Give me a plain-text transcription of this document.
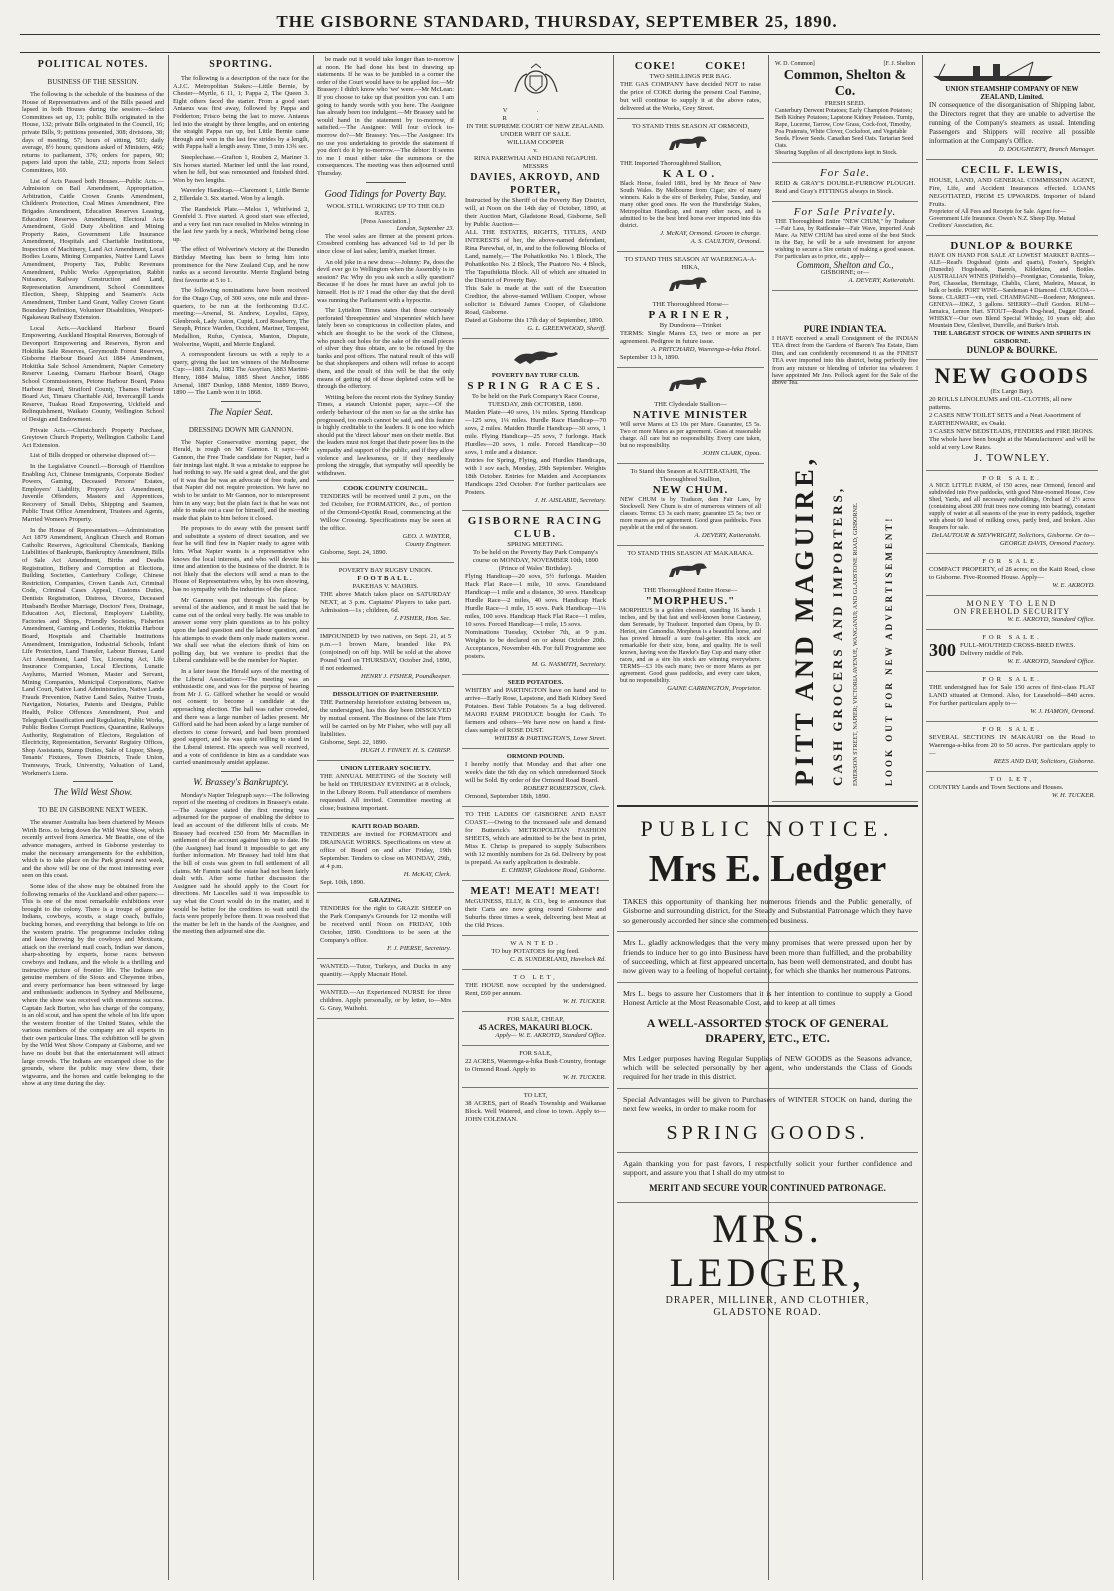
THE GISBORNE STANDARD, THURSDAY, SEPTEMBER 25, 1890.
POLITICAL NOTES.
BUSINESS OF THE SESSION.

The following is the schedule of the business of the House of Representatives and of the Bills passed and lapsed in both Houses during the session:—Select Committees set up, 13; public Bills originated in the House, 132; private Bills originated in the Council, 16; private Bills, 9; petitions presented, 308; divisions, 38; days of meeting, 57; hours of sitting, 503; daily average, 8½ hours; questions asked of Ministers, 466; returns to parliament, 376; orders for papers, 90; papers laid upon the table, 232; reports from Select Committees, 169.

List of Acts Passed both Houses.—Public Acts.—Admission on Bail Amendment, Appropriation, Arbitration, Cattle Crown Grants Amendment, Children's Protection, Coal Mines Amendment, Fire Brigades Amendment, Education Reserves Leasing, Education Reserves Amendment, Electoral Acts Amendment, Gold Duty Abolition and Mining Property Rates, Government Life Insurance Amendment, Hospitals and Charitable Institutions, Inspection of Machinery, Land Act Amendment, Local Bodies Loans, Mining Companies, Native Land Laws Amendment, Property Tax, Public Revenues Amendment, Public Works Appropriation, Rabbit Nuisance, Railway Construction and Land, Representation Amendment, School Committees Election, Sheep, Shipping and Seamen's Acts Amendment, Timber Land Grant, Valley Crown Grant Boundary Definition, Volunteer Disabilities, Westport-Ngakawau Railway Extension.

Local Acts.—Auckland Harbour Board Empowering, Auckland Hospital Reserves, Borough of Devonport Empowering and Reserves, Byron and Hokitika Sale Reserves, Greymouth Forest Reserves, Gisborne Harbour Board Act 1884 Amendment, Hokitika Sale School Amendment, Napier Cemetery Reserve Leasing, Oamaru Harbour Board, Otago School Commissioners, Petone Harbour Board, Patea Harbour Board, Stratford County, Thames Harbour Board Act, Timaru Charitable Aid, Invercargill Lands Reserve, Tuakau Road Empowering, Uckfield and Relinquishment, Waikato County, Wellington School of Design and Endowment.

Private Acts.—Christchurch Property Purchase, Greytown Church Property, Wellington Catholic Land Act Extension.

List of Bills dropped or otherwise disposed of:—

In the Legislative Council.—Borough of Hamilton Enabling Act, Chinese Immigrants, Corporate Bodies' Powers, Gaming, Deceased Persons' Estates, Employers' Liability, Property Act Amendment, Juvenile Offenders, Masters and Apprentices, Recovery of Small Debts, Shipping and Seamen, Public Trust Office Amendment, Trustees and Agents, Married Women's Property.

In the House of Representatives.—Administration Act 1879 Amendment, Anglican Church and Roman Catholic Reserves, Agricultural Chemicals, Banking Liabilities of Bankrupts, Bankruptcy Amendment, Bills of Sale Act Amendment, Births and Deaths Registration, Bribery and Corruption at Elections, Building Societies, Canterbury College, Chinese Restriction, Companies, Crown Lands Act, Criminal Code, Criminal Cases Appeal, Customs Duties, Dentists Registration, Distress, Divorce, Deceased Husband's Brother Marriage, Doctors' Fees, Drainage, Education Act, Electoral, Employers' Liability, Factories and Shops, Friendly Societies, Fisheries Amendment, Gaming and Lotteries, Hokitika Harbour Board, Hospitals and Charitable Institutions Amendment, Immigration, Industrial Schools, Infant Life Protection, Land Transfer, Labour Bureau, Land Act Amendment, Land Tax, Licensing Act, Life Insurance Companies, Local Elections, Lunatic Asylums, Married Women, Master and Servant, Mining Companies, Municipal Corporations, Native Land Court, Native Land Administration, Native Lands Frauds Prevention, Native Land Sales, Native Trusts, Navigation, Notaries, Patents and Designs, Public Health, Police Offences Amendment, Post and Telegraph Classification and Regulation, Public Works, Public Bodies Corrupt Practices, Quarantine, Railways Authority, Registration of Electors, Regulation of Electricity, Representation, Servants' Registry Offices, Shop Assistants, Stamp Duties, Sale of Liquor, Sheep, Tenants' Fixtures, Town Districts, Trade Union, Tramways, Truck, University, Valuation of Land, Workmen's Liens.

The Wild West Show.
TO BE IN GISBORNE NEXT WEEK.

The steamer Australia has been chartered by Messrs Wirth Bros. to bring down the Wild West Show, which recently arrived from America. Mr Beattie, one of the advance managers, arrived in Gisborne yesterday to make the necessary arrangements for the exhibition, which is to take place on the Park ground next week, and the show will be one of the most interesting ever seen on this coast.

Some idea of the show may be obtained from the following remarks of the Auckland and other papers:—This is one of the most remarkable exhibitions ever brought to the colony. There is a troupe of genuine Indians, cowboys, scouts, a stage coach, buffalo, bucking horses, and everything that belongs to life on the western prairie. The programme includes riding and lasso throwing by the cowboys and Mexicans, attack on the overland mail coach, Indian war dances, sharp-shooting by experts, horse races between cowboys and Indians, and the whole is a thrilling and instructive picture of frontier life. The Indians are genuine members of the Sioux and Cheyenne tribes, and every performance has been witnessed by large and enthusiastic audiences in Sydney and Melbourne, where the show was received with enormous success. Captain Jack Burton, who has charge of the company, is an old scout, and has spent the whole of his life upon the western frontier of the United States, while the various members of the company are all experts in their own particular lines. The exhibition will be given by the Wild West Show Company at Gisborne, and we have no doubt but that the entertainment will attract large crowds. The Indians are encamped close to the grounds, where the public may view them, their wigwams, and the horses and cattle belonging to the show at any time during the day.

SPORTING.

The following is a description of the race for the A.J.C. Metropolitan Stakes:—Little Bernie, by Chester—Myrtle, 6 11, 1; Pappa 2, The Queen 3. Eight others faced the starter. From a good start Antaeus was first away, followed by Pappa and Fodderton; Frisco being the last to move. Antaeus led into the straight by three lengths, and on entering the straight Pappa ran up, but Little Bernie came through and won in the last few strides by a length, with Pappa half a length away. Time, 3 min 13¾ sec.

Steeplechase.—Grafton 1, Rouben 2, Mariner 3. Six horses started. Mariner led until the last round, when he fell, but was remounted and finished third. Won by two lengths.

Waverley Handicap.—Claremont 1, Little Bernie 2, Ellerdale 3. Six started. Won by a length.

The Randwick Plate.—Melos 1, Whirlwind 2, Grenfeld 3. Five started. A good start was effected, and a very fast run race resulted in Melos winning in the last few yards by a neck, Whirlwind being close up.

The effect of Wolverine's victory at the Dunedin Birthday Meeting has been to bring him into prominence for the New Zealand Cup, and he now ranks as a second favourite. Merrie England being first favourite at 5 to 1.

The following nominations have been received for the Otago Cup, of 300 sovs, one mile and three-quarters, to be run at the forthcoming D.J.C. meeting:—Arsenal, St. Andrew, Loyalist, Gipsy, Glenbrook, Lady Aston, Cupid, Lord Roseberry, The Seraph, Prince Warden, Occident, Mariner, Tempest, Medallion, Rufus, Cynisca, Manton, Dispute, Wolverine, Wapiti, and Merrie England.

A correspondent favours us with a reply to a query, giving the last ten winners of the Melbourne Cup:—1881 Zulu, 1882 The Assyrian, 1883 Martini-Henry, 1884 Malua, 1885 Sheet Anchor, 1886 Arsenal, 1887 Dunlop, 1888 Mentor, 1889 Bravo, 1890 — The Lamb won it in 1868.

The Napier Seat.
DRESSING DOWN MR GANNON.

The Napier Conservative morning paper, the Herald, is rough on Mr Gannon. It says:—Mr Gannon, the Free Trade candidate for Napier, had a fair innings last night. It was a mistake to suppose he had nothing to say. He said a great deal, and the gist of it was that he was an advocate of free trade, and that Napier did not require protection. We have no wish to be unfair to Mr Gannon, nor to misrepresent him in any way; but the plain fact is that he was not able to make out a case for himself, and the meeting made that plain to him before it closed.

He proposes to do away with the present tariff and substitute a system of direct taxation, and we fear he will find few in Napier ready to agree with him. What Napier wants is a representative who knows the local interests, and who will devote his time and attention to the business of the district. It is not likely that the electors will send a man to the House of Representatives who, by his own showing, has no sympathy with the industries of the place.

Mr Gannon was put through his facings by several of the audience, and it must be said that he came out of the ordeal very badly. He was unable to answer some very plain questions as to his policy upon the land question and the labour question, and his attempts to evade them only made matters worse. We shall see what the electors think of him on polling day, but we venture to predict that the Liberal candidate will be the member for Napier.

In a later issue the Herald says of the meeting of the Liberal Association:—The meeting was an enthusiastic one, and was for the purpose of hearing from Mr J. G. Gifford whether he would or would not consent to become a candidate at the approaching election. The hall was rather crowded, and there was a large number of ladies present. Mr Gifford said he had been asked by a large number of electors to come forward, and had been promised good support, and he was quite willing to stand in the Liberal interest. His speech was well received, and a vote of confidence in him as a candidate was carried unanimously amidst applause.

W. Brassey's Bankruptcy.

Monday's Napier Telegraph says:—The following report of the meeting of creditors in Brassey's estate.—The Assignee stated the first meeting was adjourned for the purpose of enabling the debtor to lead an account of the different bills of costs. Mr Brassey had received £50 from Mr Macmillan in settlement of the account against him up to date. He (the Assignee) had found it impossible to get any further information. Mr Brassey had told him that the bill of costs was given in full settlement of all claims. Mr Fannin said the estate had not been fairly dealt with. After some further discussion the Assignee said he should apply to the Court for directions. Mr Lascelles said it was impossible to say what the Court would do in the matter, and it would be better for the creditors to wait until the facts were properly before them. It was resolved that the matter be left in the hands of the Assignee, and the meeting then adjourned sine die.

be made out it would take longer than to-morrow at noon. He had done his best in drawing up statements. If he was to be jumbled in a corner the order of the Court would have to be applied for.—Mr Brassey: I didn't know who 'we' were.—Mr McLean: If you choose to take up that position you can. I am going to handy words with you here. The Assignee has already been too indulgent.—Mr Brassey said he would hand in the statement by to-morrow, if satisfied.—The Assignee: Will four o'clock to-morrow do?—Mr Brassey: Yes.—The Assignee: It's no use you undertaking to provide the statement if you don't do it by to-morrow.—The debtor: It seems to me I must either take the summons or the consequences. The meeting was then adjourned until Thursday.

Good Tidings for Poverty Bay.
WOOL STILL WORKING UP TO THE OLD RATES.
[Press Association.]
London, September 23.

The wool sales are firmer at the present prices. Crossbred combing has advanced ¼d to 1d per lb since close of last sales; lamb's, market firmer.

An old joke in a new dress:—Johnny: Pa, does the devil ever go to Wellington when the Assembly is in session? Pa: Why do you ask such a silly question? Because if he does he must have an awful job to himself. Hot is it? I read the other day that the devil was running the Parliament with a hypocrite.

The Lyttelton Times states that those curiously perforated 'threepennies' and 'sixpennies' which have lately been so conspicuous in collection plates, and which are thought to be the work of the Chinese, who punch out holes for the sake of the small pieces of silver they thus obtain, are to be refused by the banks and post offices. The natural result of this will be that shopkeepers and others will refuse to accept them, and the result of this will be that the only means of getting rid of those depleted coins will be through the offertory.

Writing before the recent riots the Sydney Sunday Times, a staunch Unionist paper, says:—Of the orderly behaviour of the men so far as the strike has progressed, too much cannot be said, and this feature is highly creditable to the leaders. It is one too which should put the 'direct labour' men on their mettle. But the leaders must not forget that their power lies in the sympathy and support of the public, and if they allow violence and lawlessness, or if they needlessly prolong the struggle, that sympathy will speedily be withdrawn.

COOK COUNTY COUNCIL.
TENDERS will be received until 2 p.m., on the 3rd October, for FORMATION, &c., of portion of the Ormond-Opotiki Road, commencing at the Willow Crossing. Specifications may be seen at the office.
GEO. J. WINTER,
County Engineer.
Gisborne, Sept. 24, 1890.
POVERTY BAY RUGBY UNION.
FOOTBALL.
PAKEHAS V. MAORIS.
THE above Match takes place on SATURDAY NEXT, at 3 p.m. Captains' Players to take part. Admission—1s ; children, 6d.
J. FISHER, Hon. Sec.
IMPOUNDED by two natives, on Sept. 21, at 5 p.m.—1 brown Mare, branded like PA (conjoined) on off hip. Will be sold at the above Pound Yard on THURSDAY, October 2nd, 1890, if not redeemed.
HENRY J. FISHER, Poundkeeper.
DISSOLUTION OF PARTNERSHIP.
THE Partnership heretofore existing between us, the undersigned, has this day been DISSOLVED by mutual consent. The Business of the late Firm will be carried on by Mr Fisher, who will pay all liabilities.
Gisborne, Sept. 22, 1890.
HUGH J. FINNEY. H. S. CHRISP.
UNION LITERARY SOCIETY.
THE ANNUAL MEETING of the Society will be held on THURSDAY EVENING at 8 o'clock, in the Library Room. Full attendance of members requested. All invited. Committee meeting at close; business important.
KAITI ROAD BOARD.
TENDERS are invited for FORMATION and DRAINAGE WORKS. Specifications on view at office of Board on and after Friday, 19th September. Tenders to close on MONDAY, 29th, at 4 p.m.
H. McKAY, Clerk.
Sept. 10th, 1890.
GRAZING.
TENDERS for the right to GRAZE SHEEP on the Park Company's Grounds for 12 months will be received until Noon on FRIDAY, 10th October, 1890. Conditions to be seen at the Company's office.
F. J. PIERSE, Secretary.
WANTED.—Tutor, Turkeys, and Ducks in any quantity.—Apply Macnair Hotel.
WANTED.—An Experienced NURSE for three children. Apply personally, or by letter, to—Mrs G. Gray, Waihohi.
V. R.
IN THE SUPREME COURT OF NEW ZEALAND.
UNDER WRIT OF SALE.
WILLIAM COOPER
v.
RINA PAREWHAI AND HOANI NGAPUHI.
MESSRS
DAVIES, AKROYD, AND PORTER,
Instructed by the Sheriff of the Poverty Bay District, will, at Noon on the 14th day of October, 1890, at their Auction Mart, Gladstone Road, Gisborne, Sell by Public Auction—
ALL THE ESTATES, RIGHTS, TITLES, AND INTERESTS of her, the above-named defendant, Rina Parewhai, of, in, and to the following Blocks of Land, namely,— The Pohatikotiko No. 1 Block, The Pohatikotiko No. 2 Block, The Puatoro No. 4 Block, The Tapuihikitia Block. All of which are situated in the District of Poverty Bay.
This Sale is made at the suit of the Execution Creditor, the above-named William Cooper, whose solicitor is Edward James Cooper, of Gladstone Road, Gisborne.
Dated at Gisborne this 17th day of September, 1890.
G. L. GREENWOOD, Sheriff.
POVERTY BAY TURF CLUB.
SPRING RACES.
To be held on the Park Company's Race Course, TUESDAY, 28th OCTOBER, 1890.
Maiden Plate—40 sovs, 1¼ miles. Spring Handicap—125 sovs, 1¼ miles. Hurdle Race Handicap—70 sovs, 2 miles. Maiden Hurdle Handicap—30 sovs, 1 mile. Flying Handicap—25 sovs, 7 furlongs. Hack Hurdles—20 sovs, 1 mile. Forced Handicap—30 sovs, 1 mile and a distance.
Entries for Spring, Flying, and Hurdles Handicaps, with 1 sov each, Monday, 29th September. Weights 18th October. Entries for Maiden and Acceptances Handicaps 23rd October. For further particulars see Posters.
J. H. AISLABIE, Secretary.
GISBORNE RACING CLUB.
SPRING MEETING.
To be held on the Poverty Bay Park Company's course on MONDAY, NOVEMBER 10th, 1890 (Prince of Wales' Birthday).
Flying Handicap—20 sovs, 5½ furlongs. Maiden Hack Flat Race—1 mile, 10 sovs. Grandstand Handicap—1 mile and a distance, 30 sovs. Handicap Hurdle Race—2 miles, 40 sovs. Handicap Hack Hurdle Race—1 mile, 15 sovs. Park Handicap—1¼ miles, 100 sovs. Handicap Hack Flat Race—1 miles, 10 sovs. Forced Handicap—1 mile, 15 sovs.
Nominations Tuesday, October 7th, at 9 p.m. Weights to be declared on or about October 20th. Acceptances, November 4th. For full Programme see posters.
M. G. NASMITH, Secretary.
SEED POTATOES.
WHITBY and PARTINGTON have on hand and to arrive—Early Rose, Lapstone, and Bath Kidney Seed Potatoes. Best Table Potatoes 5s a bag delivered. MAORI FARM PRODUCE bought for Cash. To farmers and others—We have now on hand a first-class sample of ROSE DUST.
WHITBY & PARTINGTON'S, Lowe Street.
ORMOND POUND.
I hereby notify that Monday and that after one week's date the 6th day on which unredeemed Stock will be Sold. By order of the Ormond Road Board.
ROBERT ROBERTSON, Clerk.
Ormond, September 18th, 1890.
TO THE LADIES OF GISBORNE AND EAST COAST.—Owing to the increased sale and demand for Butterick's METROPOLITAN FASHION SHEETS, which are admitted to be the best in print, Miss E. Chrisp is prepared to supply Subscribers with 12 monthly numbers for 2s 6d. Delivery by post is prepaid. As early application is desirable.
E. CHRISP, Gladstone Road, Gisborne.
MEAT! MEAT! MEAT!
McGUINESS, ELLY, & CO., beg to announce that their Carts are now going round Gisborne and Suburbs three times a week, delivering best Meat at the Old Prices.
WANTED.
TO buy POTATOES for pig feed.
C. B. SUNDERLAND, Havelock Rd.
TO LET,
THE HOUSE now occupied by the undersigned. Rent, £60 per annum.
W. H. TUCKER.
FOR SALE, CHEAP,
45 ACRES, MAKAURI BLOCK.
Apply— W. E. AKROYD, Standard Office.
FOR SALE,
22 ACRES, Waerenga-a-hika Bush Country, frontage to Ormond Road. Apply to
W. H. TUCKER.
TO LET,
38 ACRES, part of Read's Township and Waikanae Block. Well Watered, and close to town. Apply to— JOHN COLEMAN.
COKE!	COKE!
TWO SHILLINGS PER BAG.
THE GAS COMPANY have decided NOT to raise the price of COKE during the present Coal Famine, but will continue to supply it at the above rates, delivered at the Works, Grey Street.
TO STAND THIS SEASON AT ORMOND,
THE Imported Thoroughbred Stallion,
KALO.
Black Horse, foaled 1881, bred by Mr Bruce of New South Wales. By Melbourne from Cigar; sire of many winners. Kalo is the sire of Berkeley, Pulse, Sunday, and many other good ones. He won the Hurstbridge Stakes, Metropolitan Handicap, and many other races, and is admitted to be the best bred horse ever imported into this district.
J. McKAY, Ormond. Groom in charge.
A. S. CAULTON, Ormond.
TO STAND THIS SEASON AT WAERENGA-A-HIKA,
THE Thoroughbred Horse—
PARINER,
By Dundoora—Trinket
TERMS: Single Mares £3, two or more as per agreement. Pedigree in future issue.
A. PRITCHARD, Waerenga-a-hika Hotel.
September 13 h, 1890.
THE Clydesdale Stallion—
NATIVE MINISTER
Will serve Mares at £3 10s per Mare. Guarantee, £5 5s. Two or more Mares as per agreement. Grass at reasonable charge. All care but no responsibility. Every care taken, but no responsibility.
JOHN CLARK, Opou.
To Stand this Season at KAITERATAHI, The Thoroughbred Stallion,
NEW CHUM.
NEW CHUM is by Traducer, dam Fair Lass, by Stockwell. New Chum is sire of numerous winners of all classes. Terms: £3 3s each mare; guarantee £5 5s; two or more mares as per agreement. Good grass paddocks. Fees payable at the end of the season.
A. DEVERY, Kaiteratahi.
TO STAND THIS SEASON AT MAKARAKA.
THE Thoroughbred Entire Horse—
"MORPHEUS."
MORPHEUS is a golden chestnut, standing 16 hands 1 inches, and by that fast and well-known horse Castaway, dam Serenade, by Traducer. Imported dam Opera, by D. Heriot, sire Camondia. Morpheus is a beautiful horse, and has proved himself a sure foal-getter. His stock are remarkable for their size, bone, and quality. He is well known, having won the Hawke's Bay Cup and many other races, and as a sire his stock are winning everywhere. TERMS—£3 10s each mare; two or more Mares as per agreement. Good grass paddocks, and every care taken, but no responsibility.
GAINE CARRINGTON, Proprietor. PITT AND MAGUIRE, CASH GROCERS AND IMPORTERS, EMERSON STREET, NAPIER; VICTORIA AVENUE, WANGANUI; AND GLADSTONE ROAD, GISBORNE.	LOOK OUT FOR NEW ADVERTISEMENT!
W. D. Common]	[F. J. Shelton
Common, Shelton & Co.
FRESH SEED.
Canterbury Derwent Potatoes; Early Champion Potatoes; Beth Kidney Potatoes; Lapstone Kidney Potatoes. Turnip, Rape, Lucerne, Tarrow, Cow Grass, Cock-foot, Timothy, Poa Pratensis, White Clover, Cocksfoot, and Vegetable Seeds. Flower Seeds. Canadian Seed Oats. Tartarian Seed Oats.
Shearing Supplies of all descriptions kept in Stock.
For Sale.
REID & GRAY'S DOUBLE-FURROW PLOUGH. Reid and Gray's FITTINGS always in Stock.
For Sale Privately.
THE Thoroughbred Entire "NEW CHUM," by Traducer—Fair Lass, by Rattlesnake—Fair Wave, imported Arab Mare. As NEW CHUM has sired some of the best Stock in the Bay, he will be a safe investment for anyone wishing to secure a Sire certain of making a good season. For particulars as to price, etc., apply—
Common, Shelton and Co.,
GISBORNE; or—
A. DEVERY, Kaiteratahi.
PURE INDIAN TEA.
I HAVE received a small Consignment of the INDIAN TEA direct from the Gardens of Baron's Tea Estate, Dam Dim, and can confidently recommend it as the FINEST TEA ever imported into this district, being perfectly free from any mixture or blending of inferior tea whatever. I have appointed Mr Jno. Pollock agent for the Sale of the above Tea.
UNION STEAMSHIP COMPANY OF NEW ZEALAND, Limited.
IN consequence of the disorganisation of Shipping labor, the Directors regret that they are unable to advertise the running of the Company's steamers as usual. Intending Passengers and Shippers will receive all possible information at the Company's Office.
D. DOUGHERTY, Branch Manager.
CECIL F. LEWIS,
HOUSE, LAND, AND GENERAL COMMISSION AGENT, Fire, Life, and Accident Insurances effected. LOANS NEGOTIATED, FROM £5 UPWARDS. Importer of Island Fruits.
Proprietor of All Fees and Receipts for Sale. Agent for— Government Life Insurance. Owen's N.Z. Sheep Dip. Mutual Creditors' Association, &c.
DUNLOP & BOURKE
HAVE ON HAND FOR SALE AT LOWEST MARKET RATES— ALE—Read's Dogshead (pints and quarts), Foster's, Speight's (Dunedin) Hogsheads, Barrels, Kilderkins, and Bottles. AUSTRALIAN WINES (Pitfield's)—Frontignac, Constantia, Tokay, Port, Chasselas, Hermitage, Chablis, Claret, Madeira, Muscat, in bulk or bottle. PORT WINE—Sandeman 4 Diamond. CURACOA—Stone. CLARET—vin, vieil. CHAMPAGNE—Roederer, Moigneux. GENEVA—JDKZ, 3 gallons. SHERRY—Duff Gordon. RUM—Jamaica, Lemon Hart. STOUT—Read's Dog-head, Dagger Brand. WHISKY—Our own Blend Special Whisky, 10 years old; also Mountain Dew, Glenlivet, Dunville, and Burke's Irish.
THE LARGEST STOCK OF WINES AND SPIRITS IN GISBORNE.
DUNLOP & BOURKE.
NEW GOODS
(Ex Largo Bay).
20 ROLLS LINOLEUMS and OIL-CLOTHS, all new patterns.
2 CASES NEW TOILET SETS and a Neat Assortment of EARTHENWARE, ex Osaki.
3 CASES NEW BEDSTEADS, FENDERS and FIRE IRONS.
The whole have been bought at the Manufacturers' and will be sold at very Low Rates.
J. TOWNLEY.
FOR SALE.
A NICE LITTLE FARM, of 150 acres, near Ormond, fenced and subdivided into Five paddocks, with good Nine-roomed House, Cow Shed, Yards, and all necessary outbuildings, Orchard of 2½ acres (containing about 200 fruit trees now coming into bearing), constant supply of water at all seasons of the year in every paddock, together with about 60 head of milking cows, partly bred, and broken. Also Reapers for sale.
DeLAUTOUR & SIEVWRIGHT, Solicitors, Gisborne. Or to— GEORGE DAVIS, Ormond Factory.
FOR SALE.
COMPACT PROPERTY, of 28 acres; on the Kaiti Road, close to Gisborne. Five-Roomed House. Apply—
W. E. AKROYD.
MONEY TO LEND
ON FREEHOLD SECURITY
W. E. AKROYD, Standard Office.
FOR SALE.
300 FULL-MOUTHED CROSS-BRED EWES. Delivery middle of Feb.
W. E. AKROYD, Standard Office.
FOR SALE.
THE undersigned has for Sale 150 acres of first-class FLAT LAND situated at Ormond. Also, for Leasehold—840 acres. For further particulars apply to—
W. J. HAMON, Ormond.
FOR SALE.
SEVERAL SECTIONS IN MAKAURI on the Road to Waerenga-a-hika from 20 to 50 acres. For particulars apply to—
REES AND DAY, Solicitors, Gisborne.
TO LET,
COUNTRY Lands and Town Sections and Houses.
W. H. TUCKER.
PUBLIC NOTICE.
Mrs E. Ledger
TAKES this opportunity of thanking her numerous friends and the Public generally, of Gisborne and surrounding district, for the Steady and Substantial Patronage which they have so generously accorded her since she commenced business.
Mrs L. gladly acknowledges that the very many promises that were pressed upon her by friends to induce her to go into Business have been more than fulfilled, and the probability of succeeding, which at first appeared uncertain, has been well demonstrated, and doubt has now given way to a feeling of hopeful certainty, for which she thanks her numerous Patrons.
Mrs L. begs to assure her Customers that it is her intention to continue to supply a Good Honest Article at the Most Reasonable Cost, and to keep at all times
A WELL-ASSORTED STOCK OF GENERAL DRAPERY, ETC., ETC.
Mrs Ledger purposes having Regular Supplies of NEW GOODS as the Seasons advance, which will be selected personally by her agent, who understands the Class of Goods required for her trade in this district.
Special Advantages will be given to Purchasers of WINTER STOCK on hand, during the next few weeks, in order to make room for
SPRING GOODS.
Again thanking you for past favors, I respectfully solicit your further confidence and support, and assure you that I shall do my utmost to
MERIT AND SECURE YOUR CONTINUED PATRONAGE.
MRS. LEDGER,
DRAPER, MILLINER, AND CLOTHIER,
GLADSTONE ROAD.
